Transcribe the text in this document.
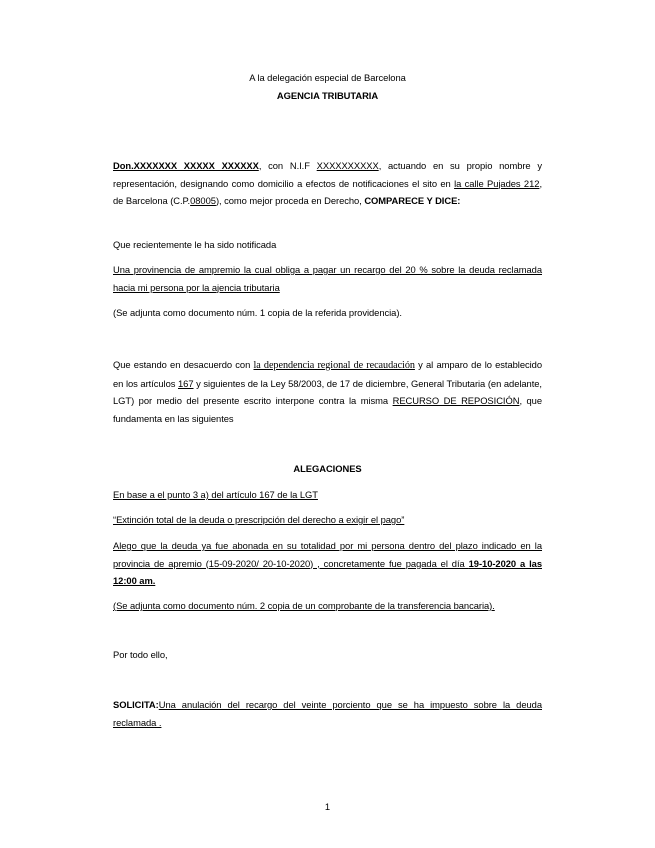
A la delegación especial de Barcelona
AGENCIA TRIBUTARIA
Don.XXXXXXX XXXXX XXXXXX, con N.I.F XXXXXXXXXX, actuando en su propio nombre y representación, designando como domicilio a efectos de notificaciones el sito en la calle Pujades 212, de Barcelona (C.P.08005), como mejor proceda en Derecho, COMPARECE Y DICE:
Que recientemente le ha sido notificada
Una provinencia de ampremio la cual obliga a pagar un recargo del 20 % sobre la deuda reclamada hacia mi persona por la ajencia tributaria
(Se adjunta como documento núm. 1 copia de la referida providencia).
Que estando en desacuerdo con la dependencia regional de recaudación y al amparo de lo establecido en los artículos 167 y siguientes de la Ley 58/2003, de 17 de diciembre, General Tributaria (en adelante, LGT) por medio del presente escrito interpone contra la misma RECURSO DE REPOSICIÓN, que fundamenta en las siguientes
ALEGACIONES
En base a el punto 3 a) del artículo 167 de la LGT
“Extinción total de la deuda o prescripción del derecho a exigir el pago”
Alego que la deuda ya fue abonada en su totalidad por mi persona dentro del plazo indicado en la provincia de apremio (15-09-2020/ 20-10-2020) , concretamente fue pagada el día 19-10-2020 a las 12:00 am.
(Se adjunta como documento núm. 2 copia de un comprobante de la transferencia bancaria).
Por todo ello,
SOLICITA:Una anulación del recargo del veinte porciento que se ha impuesto sobre la deuda reclamada .
1
